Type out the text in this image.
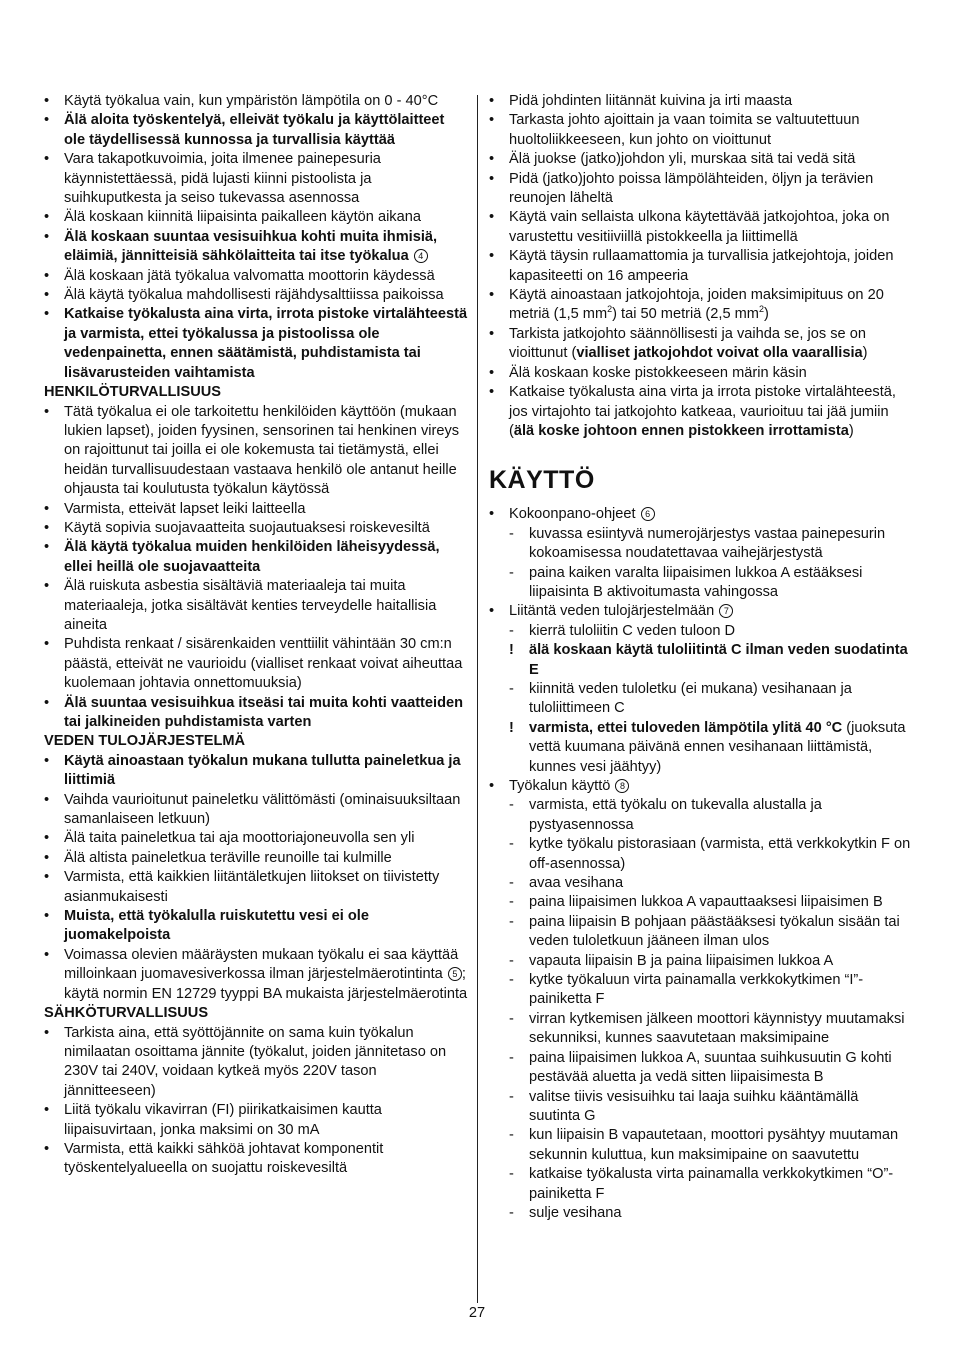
• Käytä työkalua vain, kun ympäristön lämpötila on 0 - 40°C
• Älä aloita työskentelyä, elleivät työkalu ja käyttölaitteet ole täydellisessä kunnossa ja turvallisia käyttää
• Vara takapotkuvoimia, joita ilmenee painepesuria käynnistettäessä, pidä lujasti kiinni pistoolista ja suihkuputkesta ja seiso tukevassa asennossa
• Älä koskaan kiinnitä liipaisinta paikalleen käytön aikana
• Älä koskaan suuntaa vesisuihkua kohti muita ihmisiä, eläimiä, jännitteisiä sähkölaitteita tai itse työkalua 4
• Älä koskaan jätä työkalua valvomatta moottorin käydessä
• Älä käytä työkalua mahdollisesti räjähdysalttiissa paikoissa
• Katkaise työkalusta aina virta, irrota pistoke virtalähteestä ja varmista, ettei työkalussa ja pistoolissa ole vedenpainetta, ennen säätämistä, puhdistamista tai lisävarusteiden vaihtamista
HENKILÖTURVALLISUUS
• Tätä työkalua ei ole tarkoitettu henkilöiden käyttöön (mukaan lukien lapset), joiden fyysinen, sensorinen tai henkinen vireys on rajoittunut tai joilla ei ole kokemusta tai tietämystä, ellei heidän turvallisuudestaan vastaava henkilö ole antanut heille ohjausta tai koulutusta työkalun käytössä
• Varmista, etteivät lapset leiki laitteella
• Käytä sopivia suojavaatteita suojautuaksesi roiskevesiltä
• Älä käytä työkalua muiden henkilöiden läheisyydessä, ellei heillä ole suojavaatteita
• Älä ruiskuta asbestia sisältäviä materiaaleja tai muita materiaaleja, jotka sisältävät kenties terveydelle haitallisia aineita
• Puhdista renkaat / sisärenkaiden venttiilit vähintään 30 cm:n päästä, etteivät ne vaurioidu (vialliset renkaat voivat aiheuttaa kuolemaan johtavia onnettomuuksia)
• Älä suuntaa vesisuihkua itseäsi tai muita kohti vaatteiden tai jalkineiden puhdistamista varten
VEDEN TULOJÄRJESTELMÄ
• Käytä ainoastaan työkalun mukana tullutta paineletkua ja liittimiä
• Vaihda vaurioitunut paineletku välittömästi (ominaisuuksiltaan samanlaiseen letkuun)
• Älä taita paineletkua tai aja moottoriajoneuvolla sen yli
• Älä altista paineletkua teräville reunoille tai kulmille
• Varmista, että kaikkien liitäntäletkujen liitokset on tiivistetty asianmukaisesti
• Muista, että työkalulla ruiskutettu vesi ei ole juomakelpoista
• Voimassa olevien määräysten mukaan työkalu ei saa käyttää milloinkaan juomavesiverkossa ilman järjestelmäerotintinta 5 ; käytä normin EN 12729 tyyppi BA mukaista järjestelmäerotinta
SÄHKÖTURVALLISUUS
• Tarkista aina, että syöttöjännite on sama kuin työkalun nimilaatan osoittama jännite (työkalut, joiden jännitetaso on 230V tai 240V, voidaan kytkeä myös 220V tason jännitteeseen)
• Liitä työkalu vikavirran (FI) piirikatkaisimen kautta liipaisuvirtaan, jonka maksimi on 30 mA
• Varmista, että kaikki sähköä johtavat komponentit työskentelyalueella on suojattu roiskevesiltä
• Pidä johdinten liitännät kuivina ja irti maasta
• Tarkasta johto ajoittain ja vaan toimita se valtuutettuun huoltoliikkeeseen, kun johto on vioittunut
• Älä juokse (jatko)johdon yli, murskaa sitä tai vedä sitä
• Pidä (jatko)johto poissa lämpölähteiden, öljyn ja terävien reunojen läheltä
• Käytä vain sellaista ulkona käytettävää jatkojohtoa, joka on varustettu vesitiiviillä pistokkeella ja liittimellä
• Käytä täysin rullaamattomia ja turvallisia jatkejohtoja, joiden kapasiteetti on 16 ampeeria
• Käytä ainoastaan jatkojohtoja, joiden maksimipituus on 20 metriä (1,5 $mm^2$) tai 50 metriä (2,5 $mm^2$)
• Tarkista jatkojohto säännöllisesti ja vaihda se, jos se on vioittunut (vialliset jatkojohdot voivat olla vaarallisia)
• Älä koskaan koske pistokkeeseen märin käsin
• Katkaise työkalusta aina virta ja irrota pistoke virtalähteestä, jos virtajohto tai jatkojohto katkeaa, vaurioituu tai jää jumiin (älä koske johtoon ennen pistokkeen irrottamista)
KÄYTTÖ
• Kokoonpano-ohjeet 6
- kuvassa esiintyvä numerojärjestys vastaa painepesurin kokoamisessa noudatettavaa vaihejärjestystä
- paina kaiken varalta liipaisimen lukkoa A estääksesi liipaisinta B aktivoitumasta vahingossa
• Liitäntä veden tulojärjestelmään 7
- kierrä tuloliitin C veden tuloon D
! älä koskaan käytä tuloliitintä C ilman veden suodatinta E
- kiinnitä veden tuloletku (ei mukana) vesihanaan ja tuloliittimeen C
! varmista, ettei tuloveden lämpötila ylitä 40 °C (juoksuta vettä kuumana päivänä ennen vesihanaan liittämistä, kunnes vesi jäähtyy)
• Työkalun käyttö 8
- varmista, että työkalu on tukevalla alustalla ja pystyasennossa
- kytke työkalu pistorasiaan (varmista, että verkkokytkin F on off-asennossa)
- avaa vesihana
- paina liipaisimen lukkoa A vapauttaaksesi liipaisimen B
- paina liipaisin B pohjaan päästääksesi työkalun sisään tai veden tuloletkuun jääneen ilman ulos
- vapauta liipaisin B ja paina liipaisimen lukkoa A
- kytke työkaluun virta painamalla verkkokytkimen “I”-painiketta F
- virran kytkemisen jälkeen moottori käynnistyy muutamaksi sekunniksi, kunnes saavutetaan maksimipaine
- paina liipaisimen lukkoa A, suuntaa suihkusuutin G kohti pestävää aluetta ja vedä sitten liipaisimesta B
- valitse tiivis vesisuihku tai laaja suihku kääntämällä suutinta G
- kun liipaisin B vapautetaan, moottori pysähtyy muutaman sekunnin kuluttua, kun maksimipaine on saavutettu
- katkaise työkalusta virta painamalla verkkokytkimen “O”-painiketta F
- sulje vesihana
27
